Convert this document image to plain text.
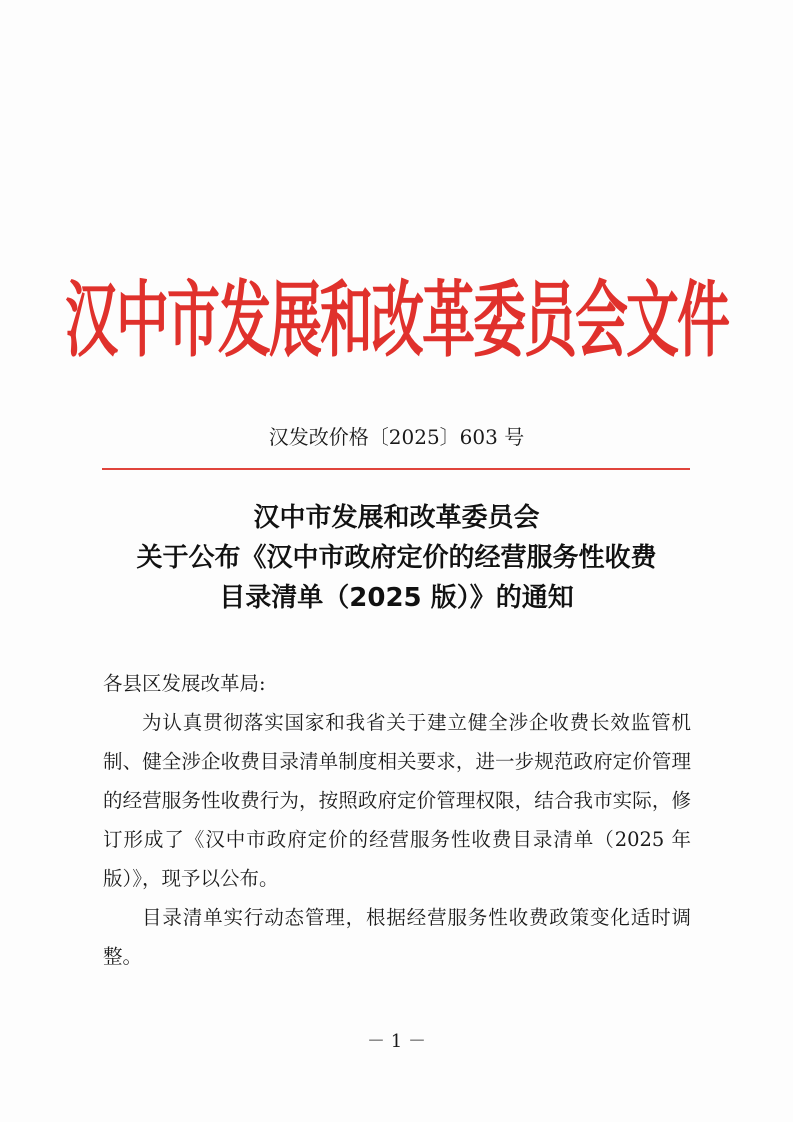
汉中市发展和改革委员会文件
汉发改价格〔2025〕603 号
汉中市发展和改革委员会
关于公布《汉中市政府定价的经营服务性收费
目录清单（2025 版）》的通知

各县区发展改革局:

为认真贯彻落实国家和我省关于建立健全涉企收费长效监管机制、健全涉企收费目录清单制度相关要求，进一步规范政府定价管理的经营服务性收费行为，按照政府定价管理权限，结合我市实际，修订形成了《汉中市政府定价的经营服务性收费目录清单（2025 年版）》，现予以公布。

目录清单实行动态管理，根据经营服务性收费政策变化适时调整。

－ 1 －
